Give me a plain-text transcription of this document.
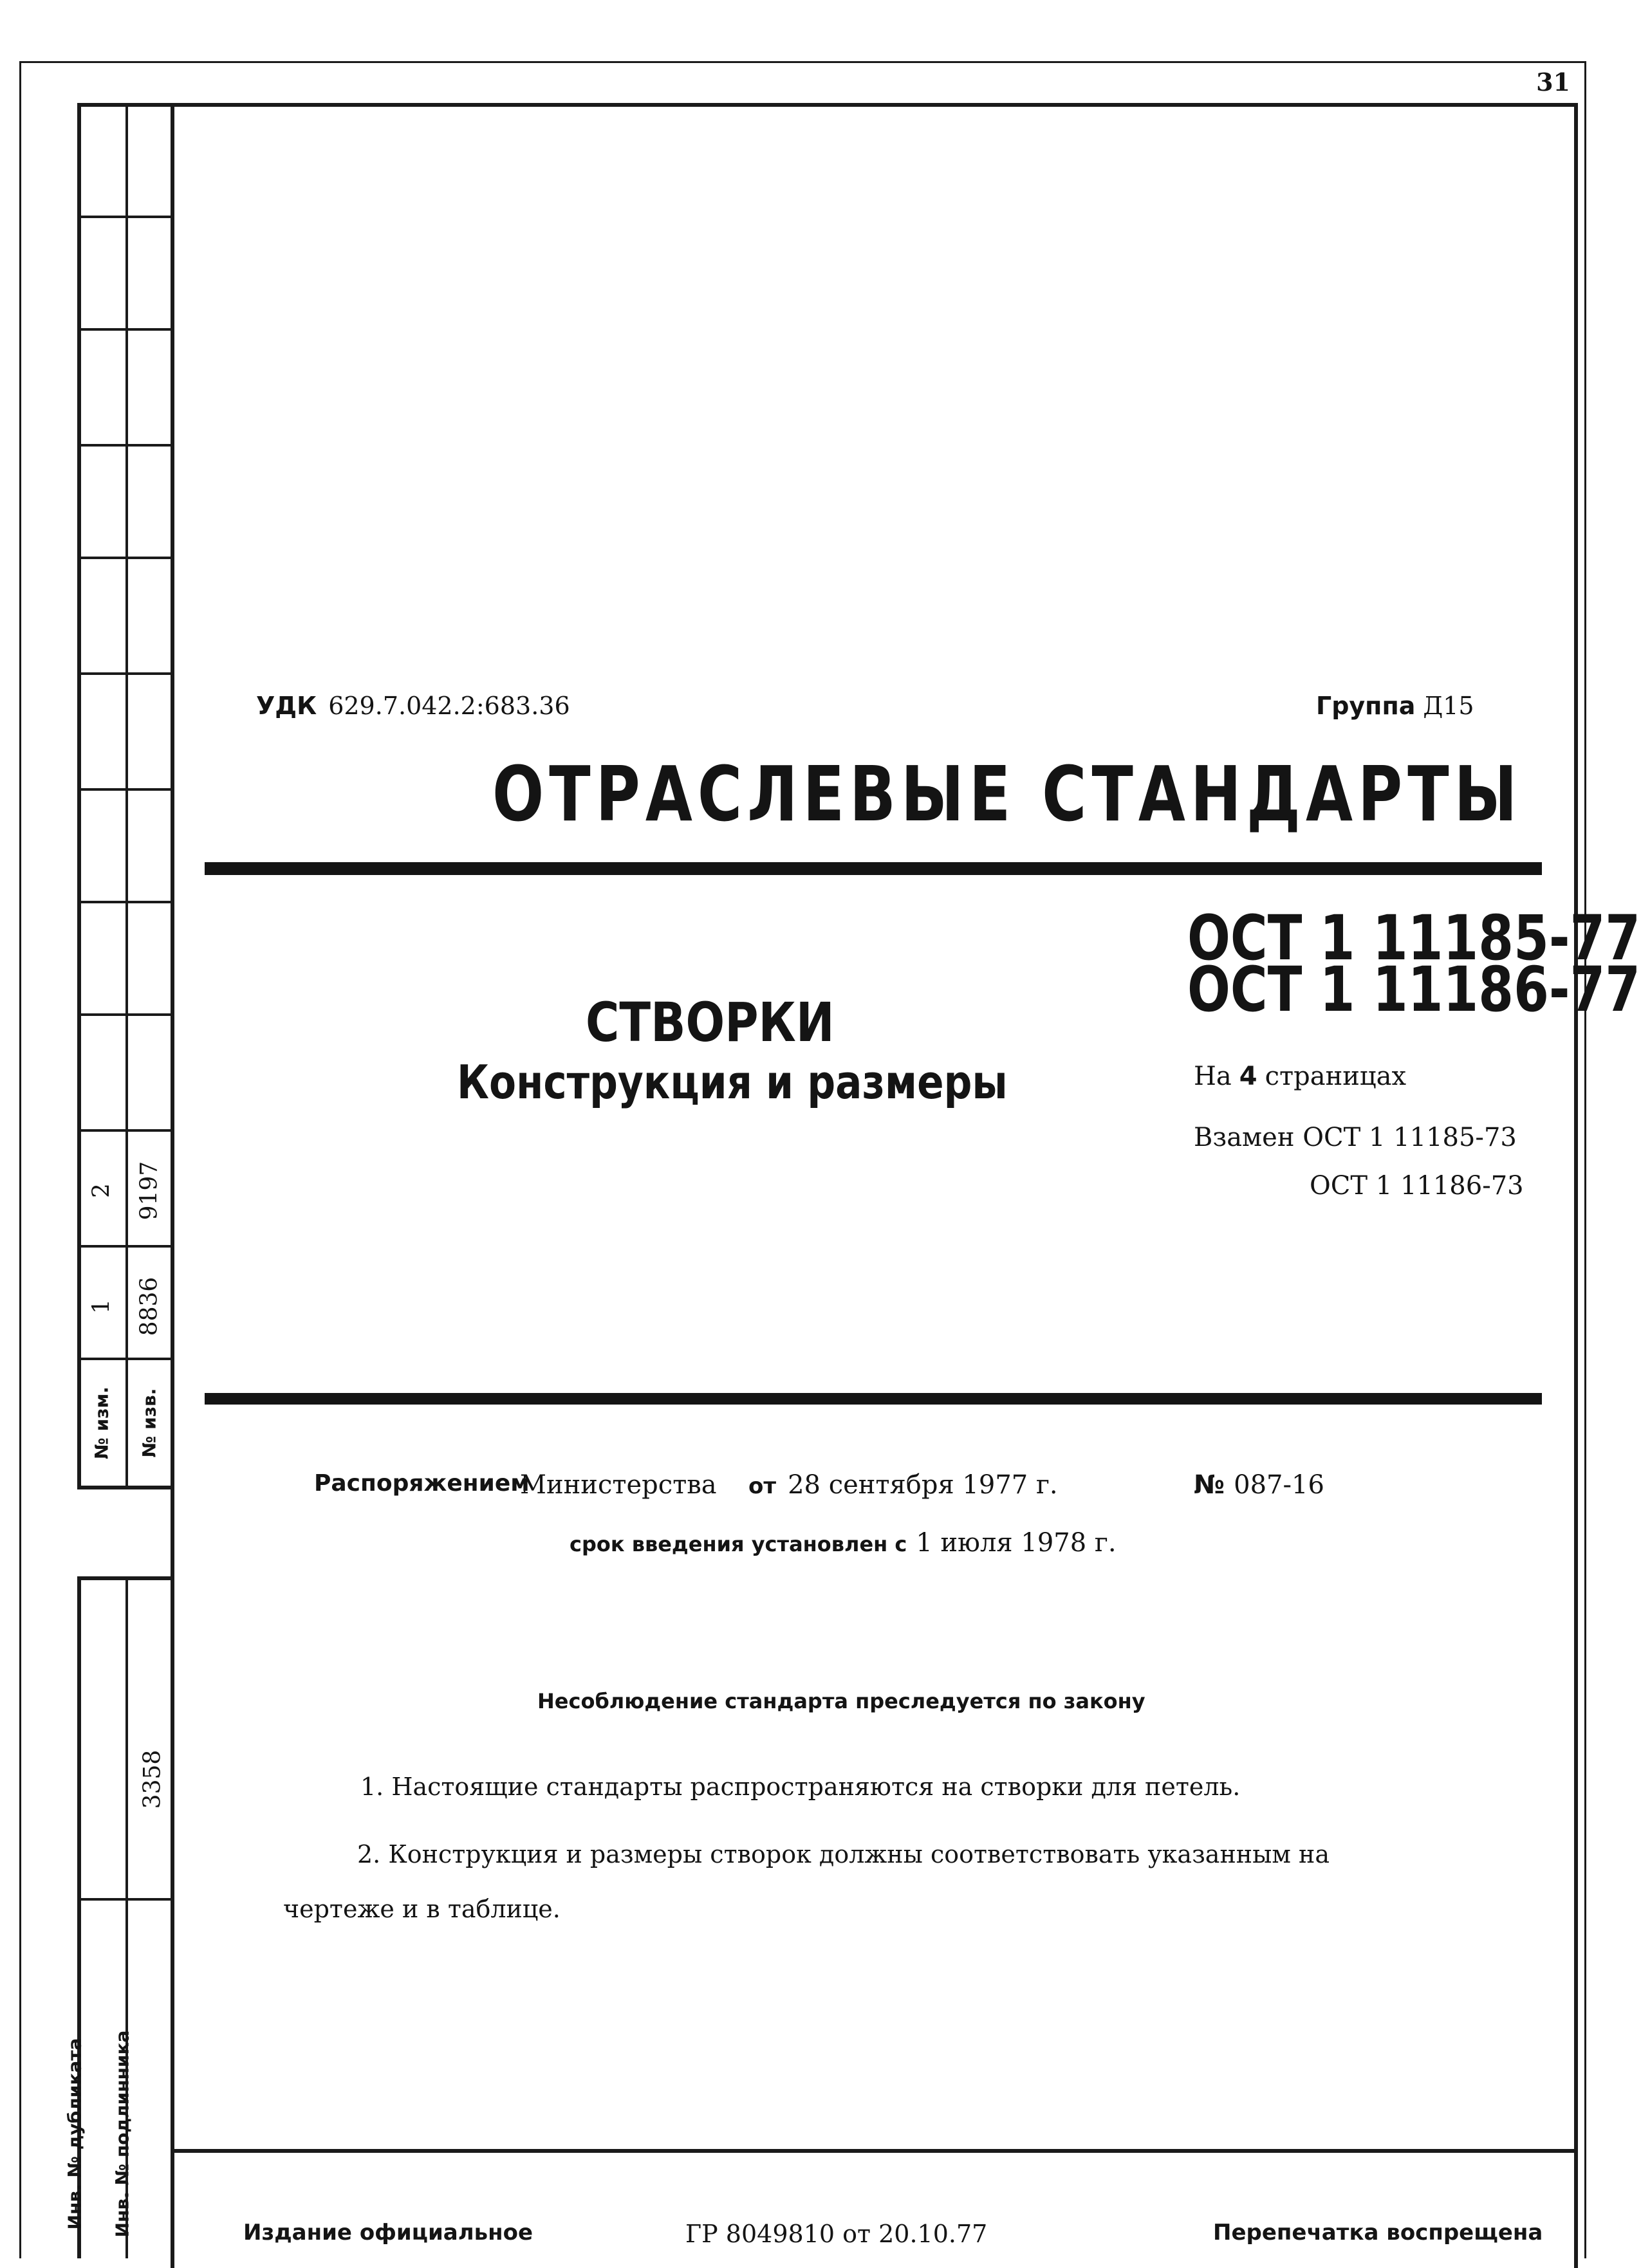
31
2 9197
1 8836
№ изм. № изв.
3358
Инв. № дубликата Инв. № подлинника
УДК 629.7.042.2:683.36	Группа Д15
ОТРАСЛЕВЫЕ СТАНДАРТЫ
ОСТ 1 11185-77
ОСТ 1 11186-77
СТВОРКИ
Конструкция и размеры	На 4 страницах
Взамен ОСТ 1 11185-73
ОСТ 1 11186-73
Распоряжением
Министерства от 28 сентября 1977 г.	№ 087-16
срок введения установлен с 1 июля 1978 г.
Несоблюдение стандарта преследуется по закону
1. Настоящие стандарты распространяются на створки для петель.
2. Конструкция и размеры створок должны соответствовать указанным на
чертеже и в таблице.
Издание официальное	ГР 8049810 от 20.10.77	Перепечатка воспрещена
